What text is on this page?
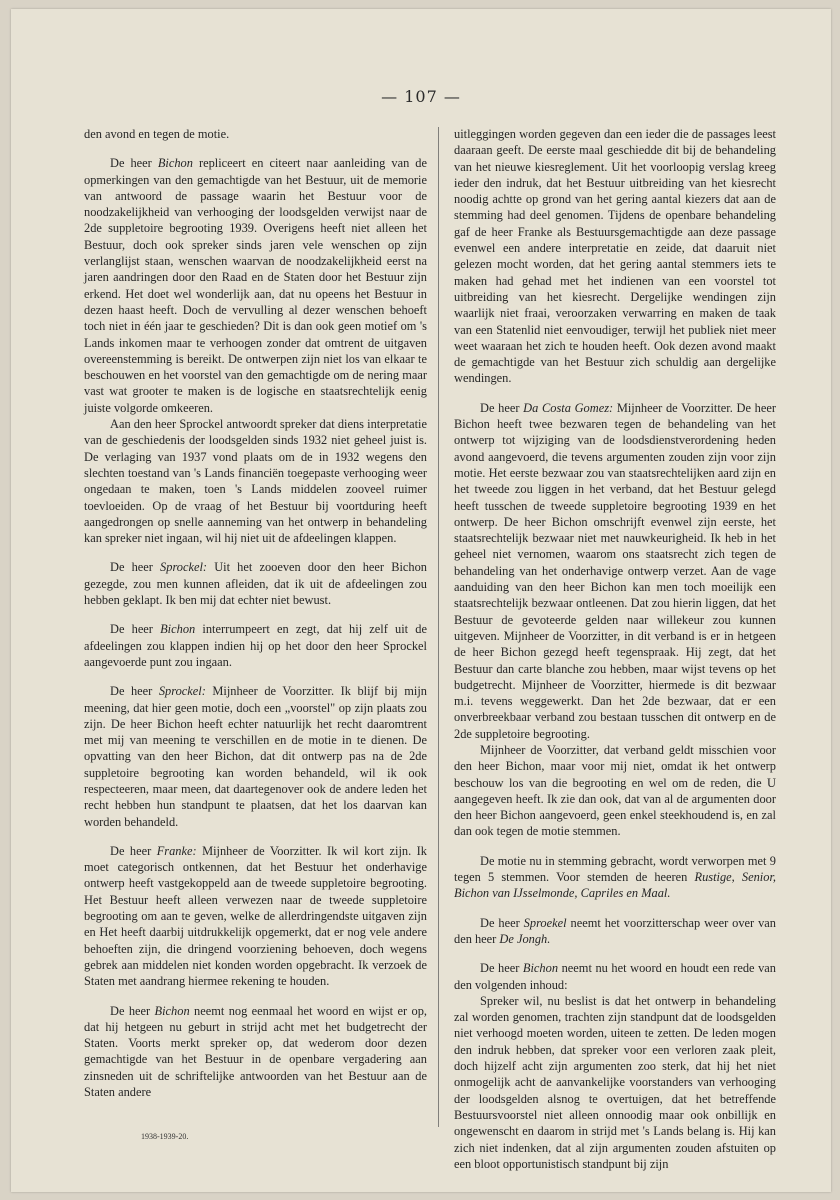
— 107 —

den avond en tegen de motie.

De heer Bichon repliceert en citeert naar aanleiding van de opmerkingen van den gemachtigde van het Bestuur, uit de memorie van antwoord de passage waarin het Bestuur voor de noodzakelijkheid van verhooging der loodsgelden verwijst naar de 2de suppletoire begrooting 1939. Overigens heeft niet alleen het Bestuur, doch ook spreker sinds jaren vele wenschen op zijn verlanglijst staan, wenschen waarvan de noodzakelijkheid eerst na jaren aandringen door den Raad en de Staten door het Bestuur zijn erkend. Het doet wel wonderlijk aan, dat nu opeens het Bestuur in dezen haast heeft. Doch de vervulling al dezer wenschen behoeft toch niet in één jaar te geschieden? Dit is dan ook geen motief om 's Lands inkomen maar te verhoogen zonder dat omtrent de uitgaven overeenstemming is bereikt. De ontwerpen zijn niet los van elkaar te beschouwen en het voorstel van den gemachtigde om de nering maar vast wat grooter te maken is de logische en staatsrechtelijk eenig juiste volgorde omkeeren.

Aan den heer Sprockel antwoordt spreker dat diens interpretatie van de geschiedenis der loodsgelden sinds 1932 niet geheel juist is. De verlaging van 1937 vond plaats om de in 1932 wegens den slechten toestand van 's Lands financiën toegepaste verhooging weer ongedaan te maken, toen 's Lands middelen zooveel ruimer toevloeiden. Op de vraag of het Bestuur bij voortduring heeft aangedrongen op snelle aanneming van het ontwerp in behandeling kan spreker niet ingaan, wil hij niet uit de afdeelingen klappen.

De heer Sprockel: Uit het zooeven door den heer Bichon gezegde, zou men kunnen afleiden, dat ik uit de afdeelingen zou hebben geklapt. Ik ben mij dat echter niet bewust.

De heer Bichon interrumpeert en zegt, dat hij zelf uit de afdeelingen zou klappen indien hij op het door den heer Sprockel aangevoerde punt zou ingaan.

De heer Sprockel: Mijnheer de Voorzitter. Ik blijf bij mijn meening, dat hier geen motie, doch een „voorstel" op zijn plaats zou zijn. De heer Bichon heeft echter natuurlijk het recht daaromtrent met mij van meening te verschillen en de motie in te dienen. De opvatting van den heer Bichon, dat dit ontwerp pas na de 2de suppletoire begrooting kan worden behandeld, wil ik ook respecteeren, maar meen, dat daartegenover ook de andere leden het recht hebben hun standpunt te plaatsen, dat het los daarvan kan worden behandeld.

De heer Franke: Mijnheer de Voorzitter. Ik wil kort zijn. Ik moet categorisch ontkennen, dat het Bestuur het onderhavige ontwerp heeft vastgekoppeld aan de tweede suppletoire begrooting. Het Bestuur heeft alleen verwezen naar de tweede suppletoire begrooting om aan te geven, welke de allerdringendste uitgaven zijn en Het heeft daarbij uitdrukkelijk opgemerkt, dat er nog vele andere behoeften zijn, die dringend voorziening behoeven, doch wegens gebrek aan middelen niet konden worden opgebracht. Ik verzoek de Staten met aandrang hiermee rekening te houden.

De heer Bichon neemt nog eenmaal het woord en wijst er op, dat hij hetgeen nu geburt in strijd acht met het budgetrecht der Staten. Voorts merkt spreker op, dat wederom door dezen gemachtigde van het Bestuur in de openbare vergadering aan zinsneden uit de schriftelijke antwoorden van het Bestuur aan de Staten andere

uitleggingen worden gegeven dan een ieder die de passages leest daaraan geeft. De eerste maal geschiedde dit bij de behandeling van het nieuwe kiesreglement. Uit het voorloopig verslag kreeg ieder den indruk, dat het Bestuur uitbreiding van het kiesrecht noodig achtte op grond van het gering aantal kiezers dat aan de stemming had deel genomen. Tijdens de openbare behandeling gaf de heer Franke als Bestuursgemachtigde aan deze passage evenwel een andere interpretatie en zeide, dat daaruit niet gelezen mocht worden, dat het gering aantal stemmers iets te maken had gehad met het indienen van een voorstel tot uitbreiding van het kiesrecht. Dergelijke wendingen zijn waarlijk niet fraai, veroorzaken verwarring en maken de taak van een Statenlid niet eenvoudiger, terwijl het publiek niet meer weet waaraan het zich te houden heeft. Ook dezen avond maakt de gemachtigde van het Bestuur zich schuldig aan dergelijke wendingen.

De heer Da Costa Gomez: Mijnheer de Voorzitter. De heer Bichon heeft twee bezwaren tegen de behandeling van het ontwerp tot wijziging van de loodsdienstverordening heden avond aangevoerd, die tevens argumenten zouden zijn voor zijn motie. Het eerste bezwaar zou van staatsrechtelijken aard zijn en het tweede zou liggen in het verband, dat het Bestuur gelegd heeft tusschen de tweede suppletoire begrooting 1939 en het ontwerp. De heer Bichon omschrijft evenwel zijn eerste, het staatsrechtelijk bezwaar niet met nauwkeurigheid. Ik heb in het geheel niet vernomen, waarom ons staatsrecht zich tegen de behandeling van het onderhavige ontwerp verzet. Aan de vage aanduiding van den heer Bichon kan men toch moeilijk een staatsrechtelijk bezwaar ontleenen. Dat zou hierin liggen, dat het Bestuur de gevoteerde gelden naar willekeur zou kunnen uitgeven. Mijnheer de Voorzitter, in dit verband is er in hetgeen de heer Bichon gezegd heeft tegenspraak. Hij zegt, dat het Bestuur dan carte blanche zou hebben, maar wijst tevens op het budgetrecht. Mijnheer de Voorzitter, hiermede is dit bezwaar m.i. tevens weggewerkt. Dan het 2de bezwaar, dat er een onverbreekbaar verband zou bestaan tusschen dit ontwerp en de 2de suppletoire begrooting.

Mijnheer de Voorzitter, dat verband geldt misschien voor den heer Bichon, maar voor mij niet, omdat ik het ontwerp beschouw los van die begrooting en wel om de reden, die U aangegeven heeft. Ik zie dan ook, dat van al de argumenten door den heer Bichon aangevoerd, geen enkel steekhoudend is, en zal dan ook tegen de motie stemmen.

De motie nu in stemming gebracht, wordt verworpen met 9 tegen 5 stemmen. Voor stemden de heeren Rustige, Senior, Bichon van IJsselmonde, Capriles en Maal.

De heer Sproekel neemt het voorzitterschap weer over van den heer De Jongh.

De heer Bichon neemt nu het woord en houdt een rede van den volgenden inhoud:

Spreker wil, nu beslist is dat het ontwerp in behandeling zal worden genomen, trachten zijn standpunt dat de loodsgelden niet verhoogd moeten worden, uiteen te zetten. De leden mogen den indruk hebben, dat spreker voor een verloren zaak pleit, doch hijzelf acht zijn argumenten zoo sterk, dat hij het niet onmogelijk acht de aanvankelijke voorstanders van verhooging der loodsgelden alsnog te overtuigen, dat het betreffende Bestuursvoorstel niet alleen onnoodig maar ook onbillijk en ongewenscht en daarom in strijd met 's Lands belang is. Hij kan zich niet indenken, dat al zijn argumenten zouden afstuiten op een bloot opportunistisch standpunt bij zijn

1938-1939-20.
